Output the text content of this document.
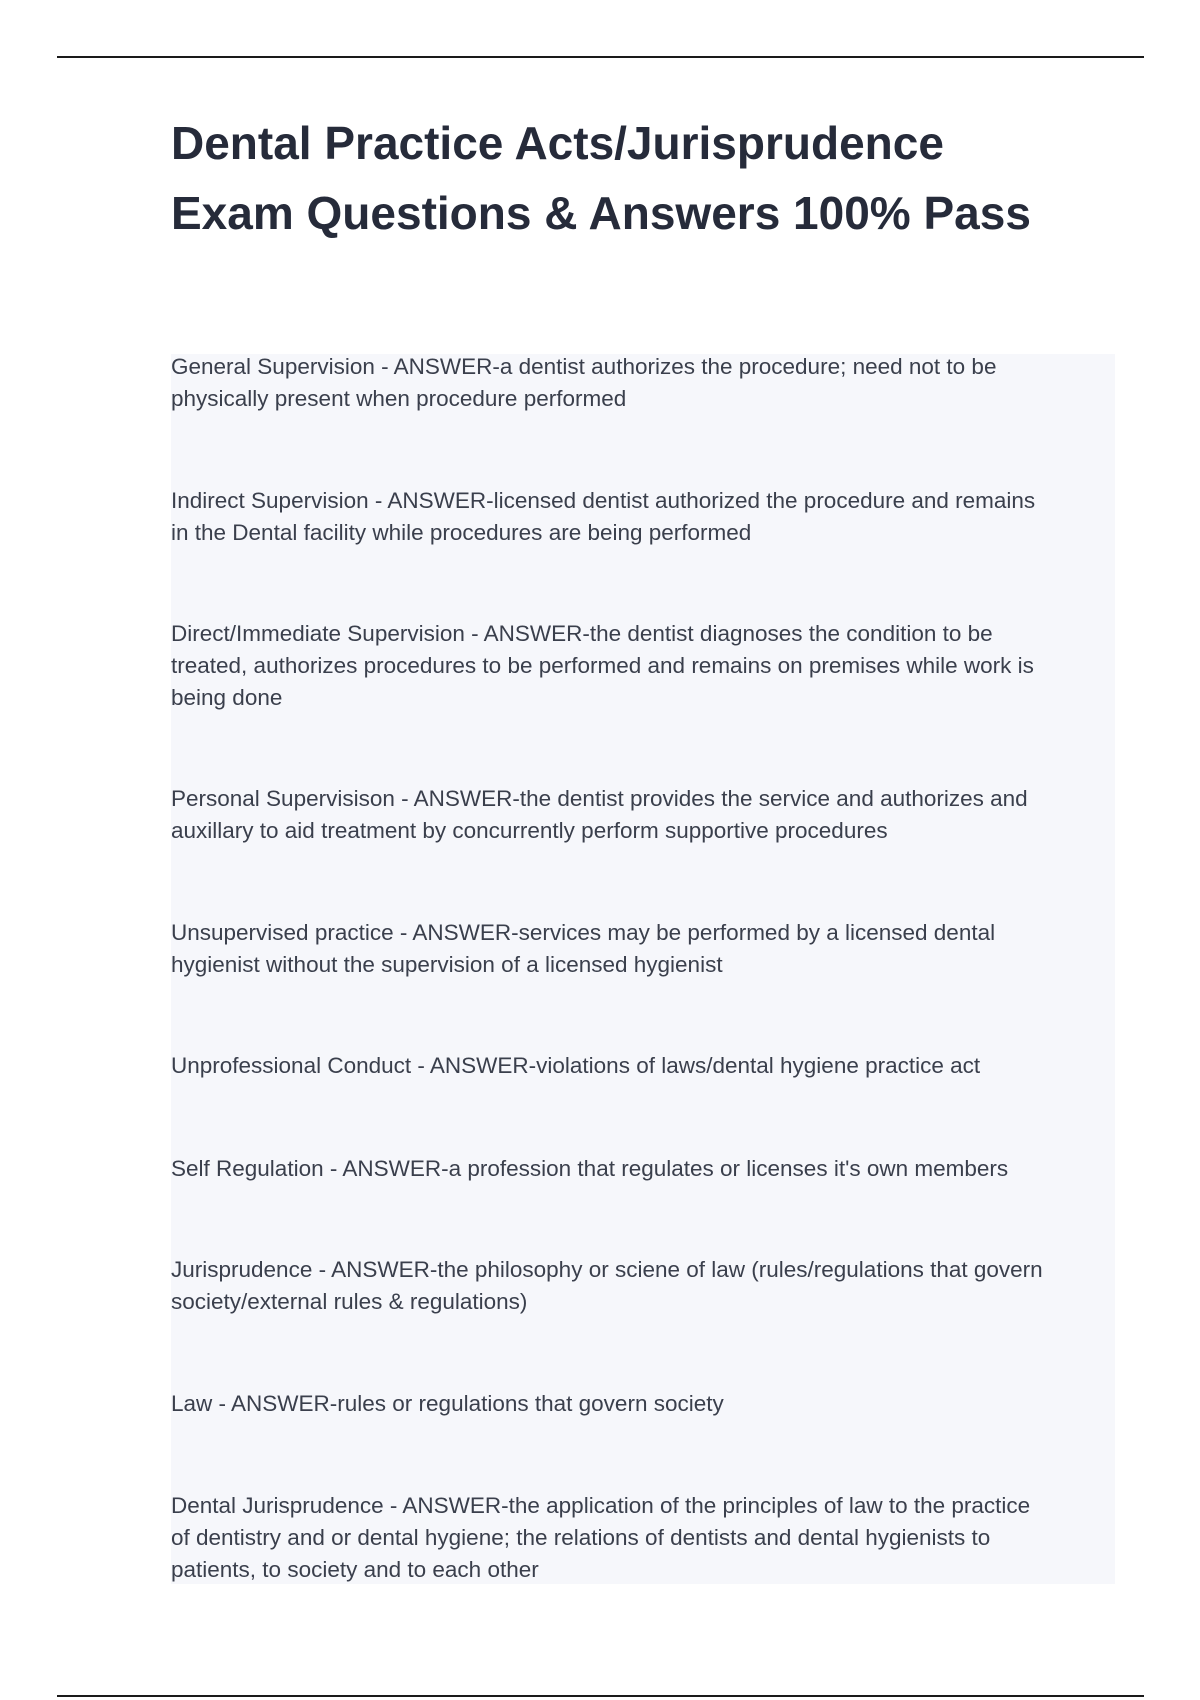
Dental Practice Acts/Jurisprudence
Exam Questions & Answers 100% Pass

General Supervision - ANSWER-a dentist authorizes the procedure; need not to be
physically present when procedure performed

Indirect Supervision - ANSWER-licensed dentist authorized the procedure and remains
in the Dental facility while procedures are being performed

Direct/Immediate Supervision - ANSWER-the dentist diagnoses the condition to be
treated, authorizes procedures to be performed and remains on premises while work is
being done

Personal Supervisison - ANSWER-the dentist provides the service and authorizes and
auxillary to aid treatment by concurrently perform supportive procedures

Unsupervised practice - ANSWER-services may be performed by a licensed dental
hygienist without the supervision of a licensed hygienist

Unprofessional Conduct - ANSWER-violations of laws/dental hygiene practice act

Self Regulation - ANSWER-a profession that regulates or licenses it's own members

Jurisprudence - ANSWER-the philosophy or sciene of law (rules/regulations that govern
society/external rules & regulations)

Law - ANSWER-rules or regulations that govern society

Dental Jurisprudence - ANSWER-the application of the principles of law to the practice
of dentistry and or dental hygiene; the relations of dentists and dental hygienists to
patients, to society and to each other
